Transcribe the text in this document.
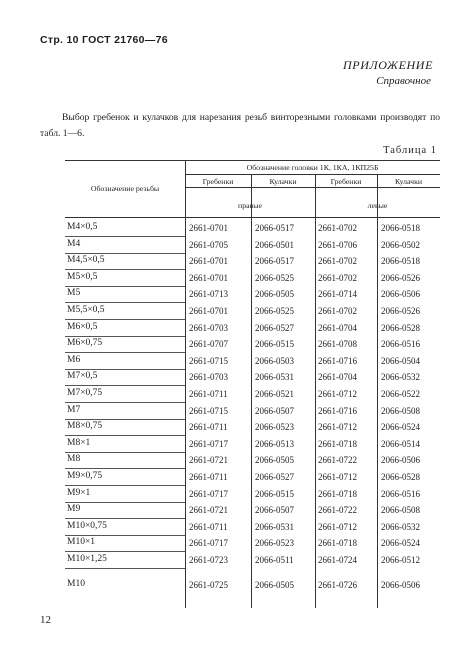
Стр. 10 ГОСТ 21760—76
ПРИЛОЖЕНИЕ
Справочное
Выбор гребенок и кулачков для нарезания резьб винторезными головками производят по табл. 1—6.
Таблица 1
Обозначение головки 1К, 1КА, 1КП25Б
Обозначение резьбы
Гребенки	Кулачки	Гребенки	Кулачки
правые	левые
М4×0,5	2661-0701	2066-0517	2661-0702	2066-0518
М4	2661-0705	2066-0501	2661-0706	2066-0502
М4,5×0,5	2661-0701	2066-0517	2661-0702	2066-0518
М5×0,5	2661-0701	2066-0525	2661-0702	2066-0526
М5	2661-0713	2066-0505	2661-0714	2066-0506
М5,5×0,5	2661-0701	2066-0525	2661-0702	2066-0526
М6×0,5	2661-0703	2066-0527	2661-0704	2066-0528
М6×0,75	2661-0707	2066-0515	2661-0708	2066-0516
М6	2661-0715	2066-0503	2661-0716	2066-0504
М7×0,5	2661-0703	2066-0531	2661-0704	2066-0532
М7×0,75	2661-0711	2066-0521	2661-0712	2066-0522
М7	2661-0715	2066-0507	2661-0716	2066-0508
М8×0,75	2661-0711	2066-0523	2661-0712	2066-0524
М8×1	2661-0717	2066-0513	2661-0718	2066-0514
М8	2661-0721	2066-0505	2661-0722	2066-0506
М9×0,75	2661-0711	2066-0527	2661-0712	2066-0528
М9×1	2661-0717	2066-0515	2661-0718	2066-0516
М9	2661-0721	2066-0507	2661-0722	2066-0508
М10×0,75	2661-0711	2066-0531	2661-0712	2066-0532
М10×1	2661-0717	2066-0523	2661-0718	2066-0524
М10×1,25	2661-0723	2066-0511	2661-0724	2066-0512
М10	2661-0725	2066-0505	2661-0726	2066-0506
12
